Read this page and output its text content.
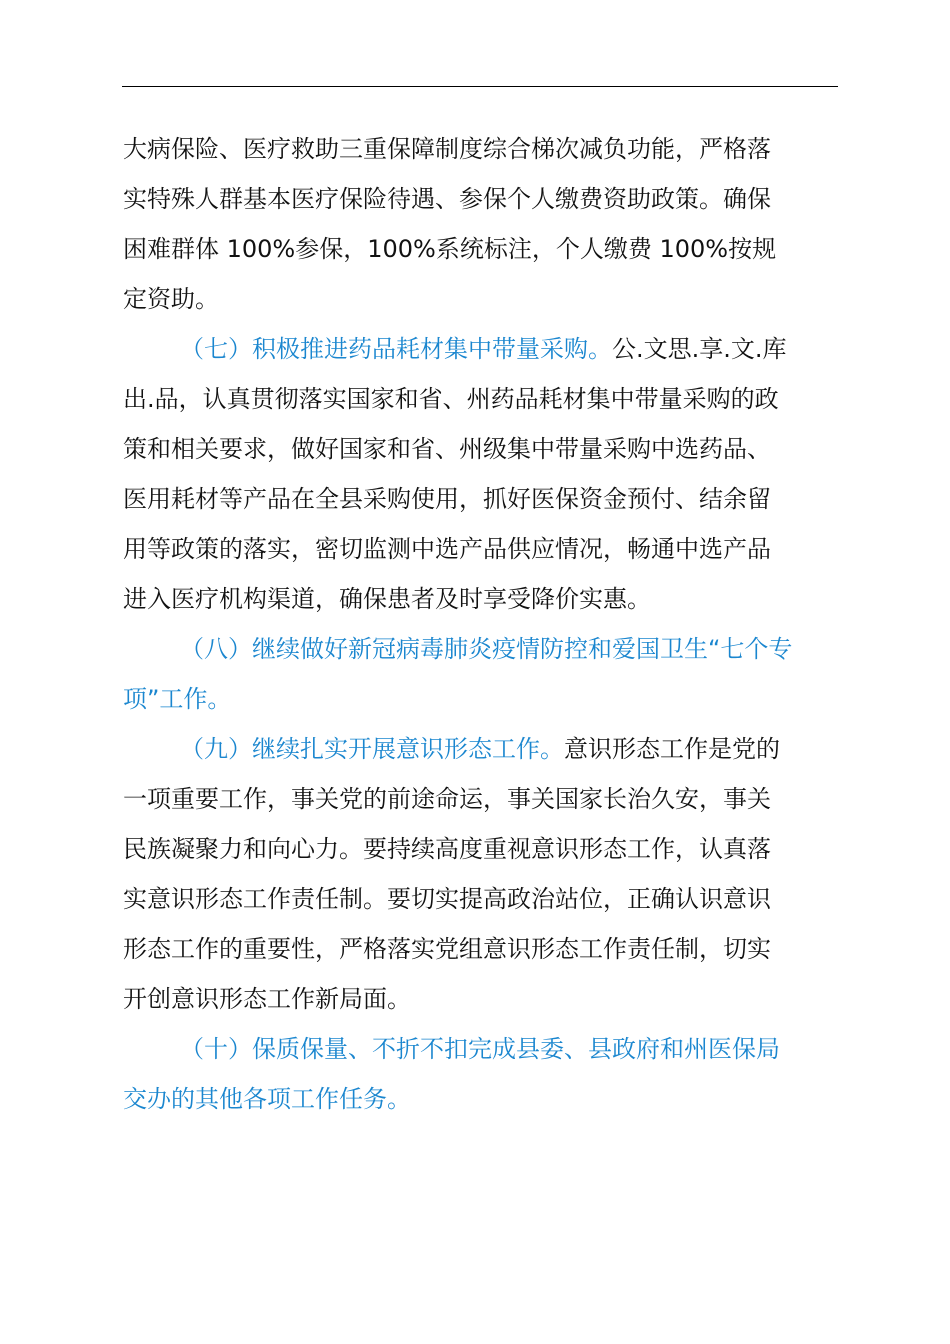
大病保险、医疗救助三重保障制度综合梯次减负功能，严格落
实特殊人群基本医疗保险待遇、参保个人缴费资助政策。确保
困难群体 100%参保，100%系统标注，个人缴费 100%按规
定资助。
（七）积极推进药品耗材集中带量采购。公.文思.享.文.库
出.品，认真贯彻落实国家和省、州药品耗材集中带量采购的政
策和相关要求，做好国家和省、州级集中带量采购中选药品、
医用耗材等产品在全县采购使用，抓好医保资金预付、结余留
用等政策的落实，密切监测中选产品供应情况，畅通中选产品
进入医疗机构渠道，确保患者及时享受降价实惠。
（八）继续做好新冠病毒肺炎疫情防控和爱国卫生“七个专
项”工作。
（九）继续扎实开展意识形态工作。意识形态工作是党的
一项重要工作，事关党的前途命运，事关国家长治久安，事关
民族凝聚力和向心力。要持续高度重视意识形态工作，认真落
实意识形态工作责任制。要切实提高政治站位，正确认识意识
形态工作的重要性，严格落实党组意识形态工作责任制，切实
开创意识形态工作新局面。
（十）保质保量、不折不扣完成县委、县政府和州医保局
交办的其他各项工作任务。
